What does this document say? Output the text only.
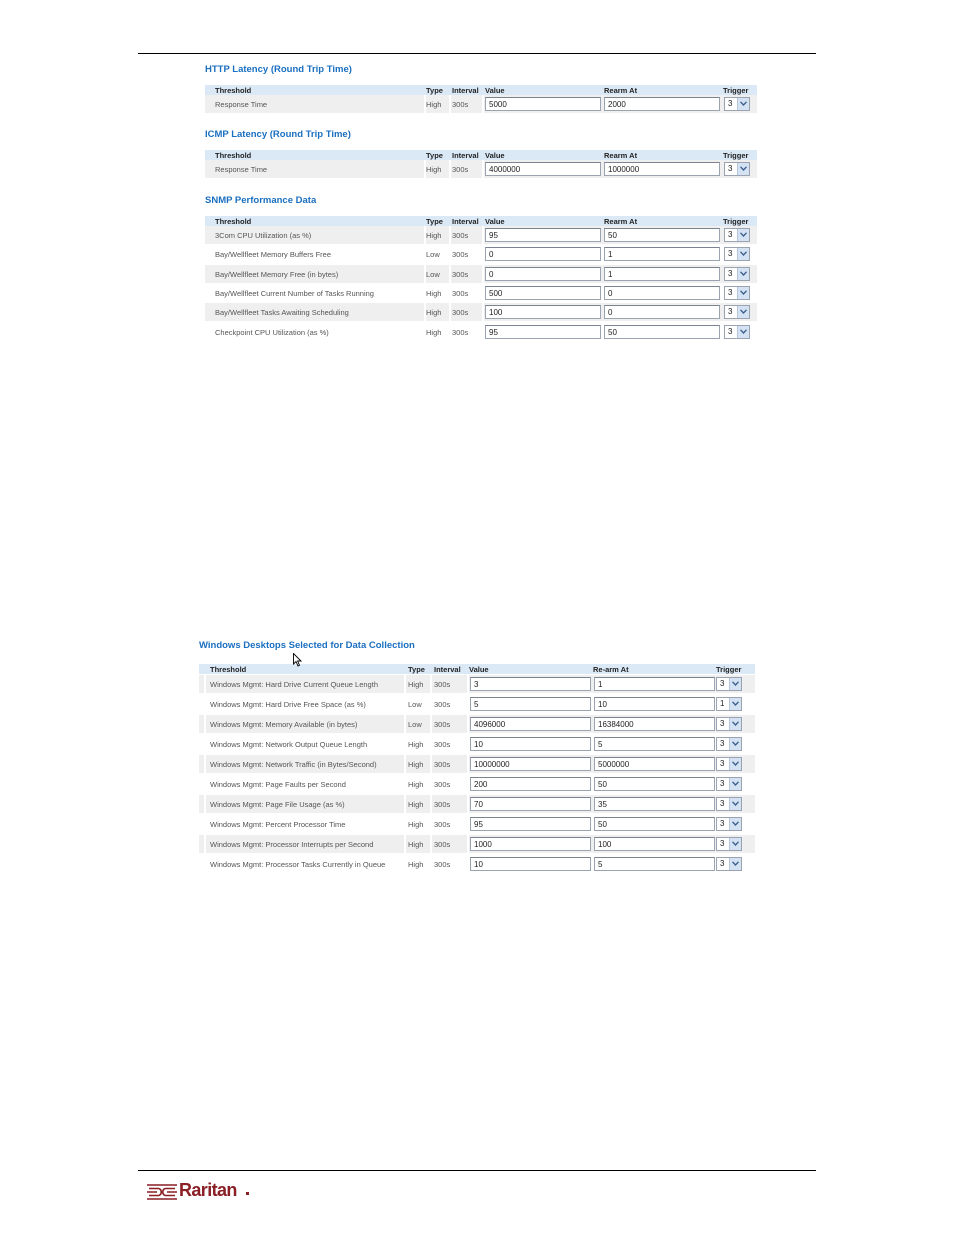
HTTP Latency (Round Trip Time)
Threshold	Type Interval Value	Rearm At	Trigger
Response Time	High 300s	5000	2000	3
ICMP Latency (Round Trip Time)
Threshold	Type Interval Value	Rearm At	Trigger
Response Time	High 300s	4000000	1000000	3
SNMP Performance Data
Threshold	Type Interval Value	Rearm At	Trigger
3Com CPU Utilization (as %)	High 300s	95	50	3
Bay/Wellfleet Memory Buffers Free	Low 300s	0	1	3
Bay/Wellfleet Memory Free (in bytes)	Low 300s	0	1	3
Bay/Wellfleet Current Number of Tasks Running	High 300s	500	0	3
Bay/Wellfleet Tasks Awaiting Scheduling	High 300s	100	0	3
Checkpoint CPU Utilization (as %)	High 300s	95	50	3
Windows Desktops Selected for Data Collection
Threshold	Type Interval Value	Re-arm At	Trigger
Windows Mgmt: Hard Drive Current Queue Length	High 300s	3	1	3
Windows Mgmt: Hard Drive Free Space (as %)	Low 300s	5	10	1
Windows Mgmt: Memory Available (in bytes)	Low 300s	4096000	16384000	3
Windows Mgmt: Network Output Queue Length	High 300s	10	5	3
Windows Mgmt: Network Traffic (in Bytes/Second)	High 300s	10000000	5000000	3
Windows Mgmt: Page Faults per Second	High 300s	200	50	3
Windows Mgmt: Page File Usage (as %)	High 300s	70	35	3
Windows Mgmt: Percent Processor Time	High 300s	95	50	3
Windows Mgmt: Processor Interrupts per Second	High 300s	1000	100	3
Windows Mgmt: Processor Tasks Currently in Queue	High 300s	10	5	3
Raritan
